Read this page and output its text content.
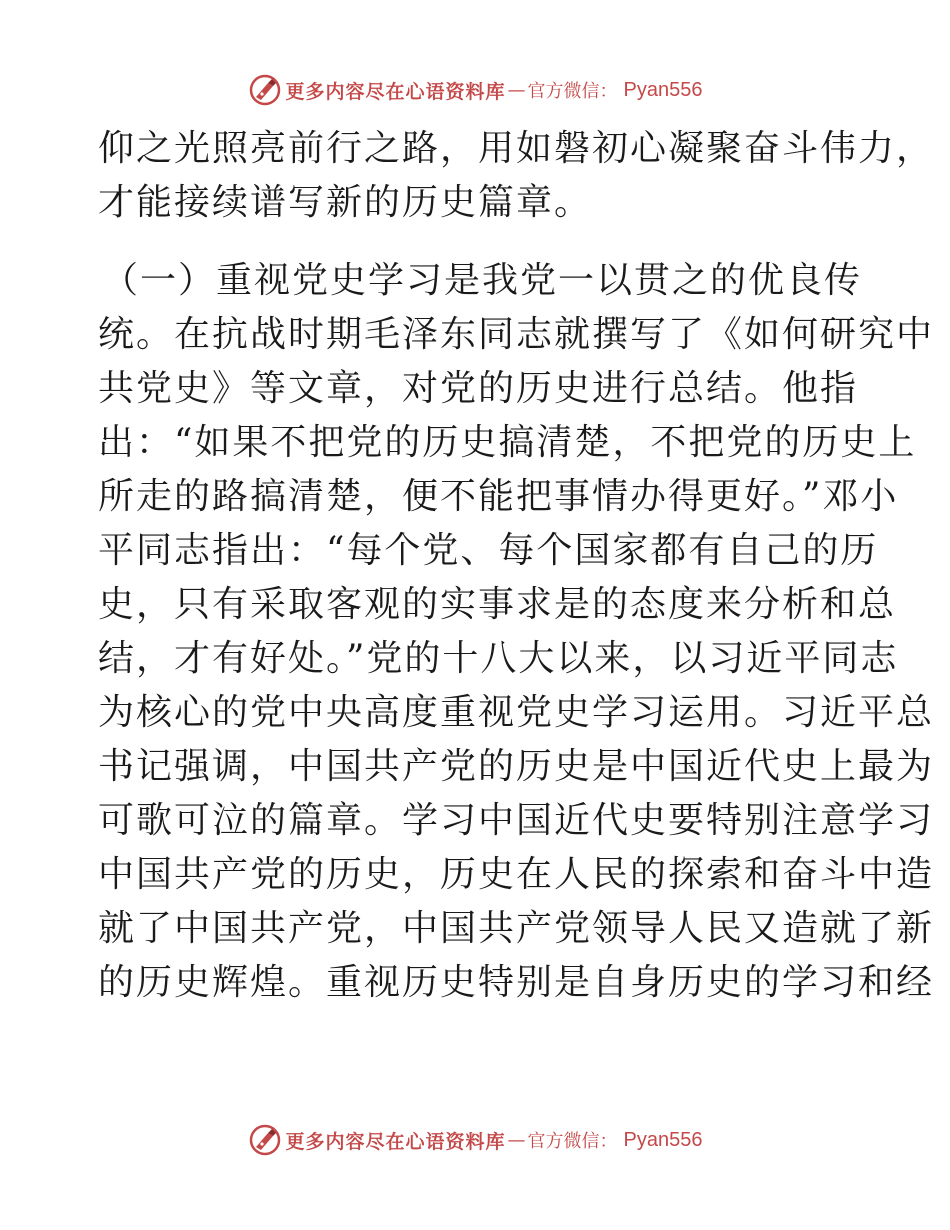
更多内容尽在心语资料库 — 官方微信： Pyan556
仰之光照亮前行之路，用如磐初心凝聚奋斗伟力，
才能接续谱写新的历史篇章。
（一）重视党史学习是我党一以贯之的优良传
统。在抗战时期毛泽东同志就撰写了《如何研究中
共党史》等文章，对党的历史进行总结。他指
出：“如果不把党的历史搞清楚，不把党的历史上
所走的路搞清楚，便不能把事情办得更好。”邓小
平同志指出：“每个党、每个国家都有自己的历
史，只有采取客观的实事求是的态度来分析和总
结，才有好处。”党的十八大以来，以习近平同志
为核心的党中央高度重视党史学习运用。习近平总
书记强调，中国共产党的历史是中国近代史上最为
可歌可泣的篇章。学习中国近代史要特别注意学习
中国共产党的历史，历史在人民的探索和奋斗中造
就了中国共产党，中国共产党领导人民又造就了新
的历史辉煌。重视历史特别是自身历史的学习和经
更多内容尽在心语资料库 — 官方微信： Pyan556
